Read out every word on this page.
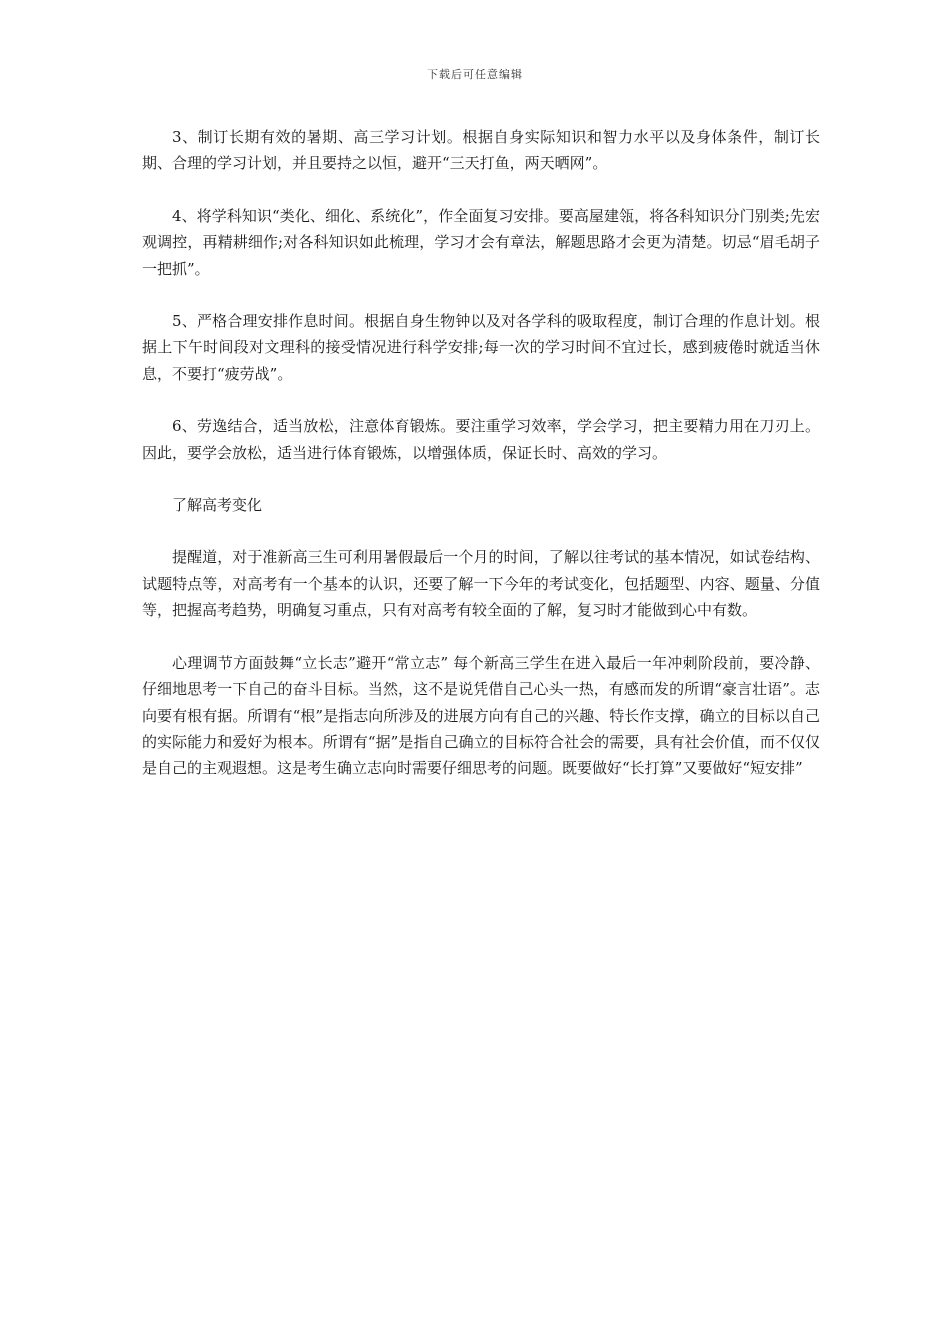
下载后可任意编辑

3、制订长期有效的暑期、高三学习计划。根据自身实际知识和智力水平以及身体条件，制订长期、合理的学习计划，并且要持之以恒，避开“三天打鱼，两天晒网”。

4、将学科知识“类化、细化、系统化”，作全面复习安排。要高屋建瓴，将各科知识分门别类;先宏观调控，再精耕细作;对各科知识如此梳理，学习才会有章法，解题思路才会更为清楚。切忌“眉毛胡子一把抓”。

5、严格合理安排作息时间。根据自身生物钟以及对各学科的吸取程度，制订合理的作息计划。根据上下午时间段对文理科的接受情况进行科学安排;每一次的学习时间不宜过长，感到疲倦时就适当休息，不要打“疲劳战”。

6、劳逸结合，适当放松，注意体育锻炼。要注重学习效率，学会学习，把主要精力用在刀刃上。因此，要学会放松，适当进行体育锻炼，以增强体质，保证长时、高效的学习。

了解高考变化

提醒道，对于准新高三生可利用暑假最后一个月的时间，了解以往考试的基本情况，如试卷结构、试题特点等，对高考有一个基本的认识，还要了解一下今年的考试变化，包括题型、内容、题量、分值等，把握高考趋势，明确复习重点，只有对高考有较全面的了解，复习时才能做到心中有数。

心理调节方面鼓舞“立长志”避开“常立志” 每个新高三学生在进入最后一年冲刺阶段前，要冷静、仔细地思考一下自己的奋斗目标。当然，这不是说凭借自己心头一热，有感而发的所谓“豪言壮语”。志向要有根有据。所谓有“根”是指志向所涉及的进展方向有自己的兴趣、特长作支撑，确立的目标以自己的实际能力和爱好为根本。所谓有“据”是指自己确立的目标符合社会的需要，具有社会价值，而不仅仅是自己的主观遐想。这是考生确立志向时需要仔细思考的问题。既要做好“长打算”又要做好“短安排”
